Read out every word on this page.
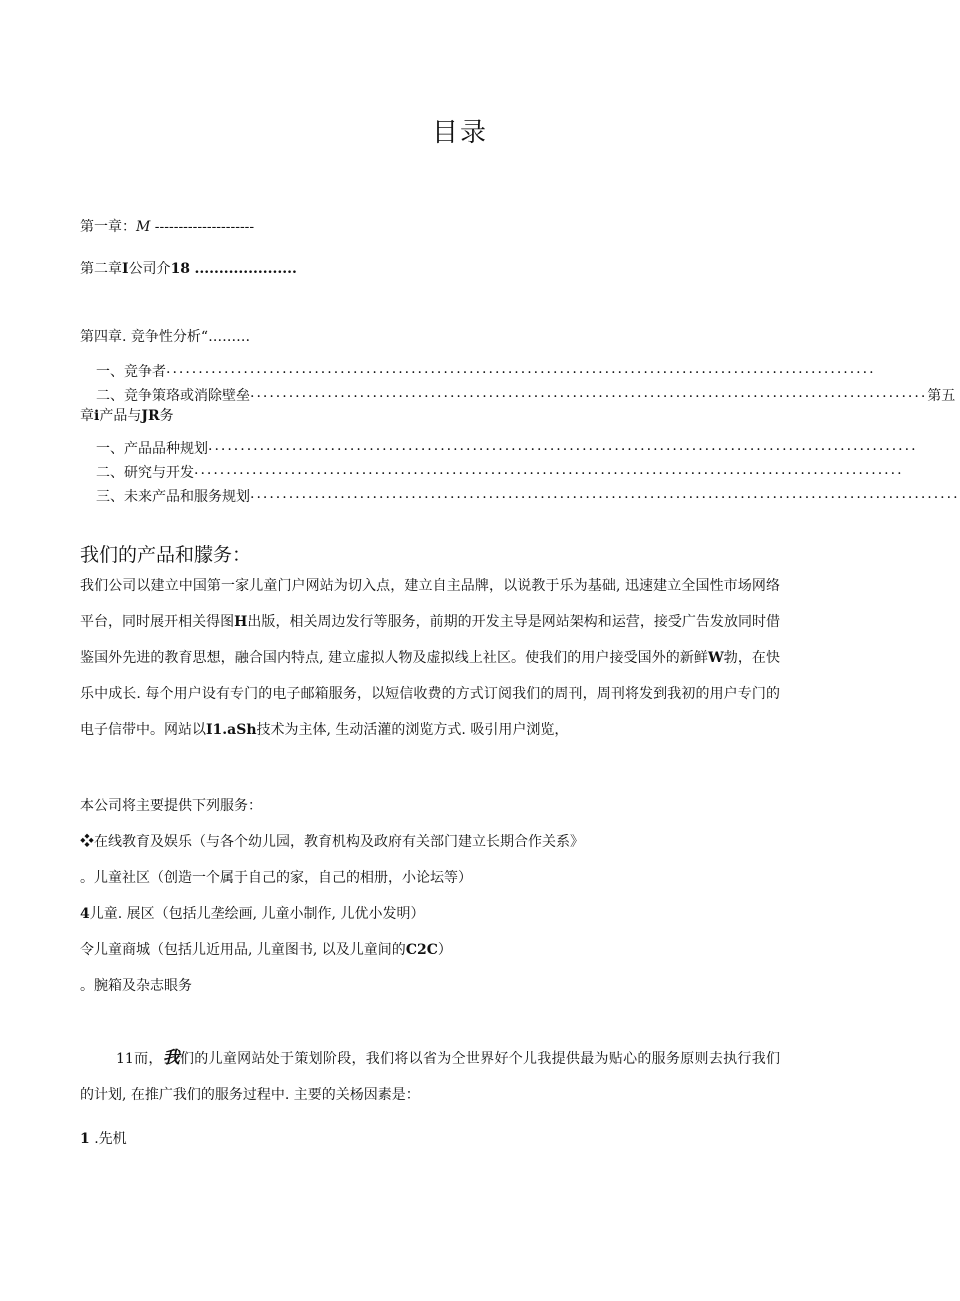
目录
第一章：M ---------------------
第二章I公司介18 .....................
第四章. 竞争性分析“………
一、竞争者 ..............................................................................................................
二、竞争策珞或消除壁垒 ......................................................................................................... 第五
章i产品与JR务
一、产品品种规划 ..............................................................................................................
二、研究与开发 ..............................................................................................................
三、未来产品和服务规划 ..............................................................................................................
我们的产品和朦务：
我们公司以建立中国第一家儿童门户网站为切入点，建立自主品牌，以说教于乐为基础, 迅速建立全国性市场网络平台，同时展开相关得图H出版，相关周边发行等服务，前期的开发主导是网站架构和运营，接受广告发放同时借鉴国外先进的教育思想，融合国内特点, 建立虚拟人物及虚拟线上社区。使我们的用户接受国外的新鲜W勃，在快乐中成长. 每个用户设有专门的电子邮箱服务，以短信收费的方式订阅我们的周刊，周刊将发到我初的用户专门的电子信带中。网站以I1.aSh技术为主体, 生动活灌的浏览方式. 吸引用户浏览，
本公司将主要提供下列服务：
❖在线教育及娱乐（与各个幼儿园，教育机构及政府有关部门建立长期合作关系》
。儿童社区（创造一个属于自己的家，自己的相册，小论坛等）
4儿童. 展区（包括儿垄绘画, 儿童小制作, 儿优小发明）
令儿童商城（包括儿近用品, 儿童图书, 以及儿童间的C2C）
。腕箱及杂志眼务
11而，我们的儿童网站处于策划阶段，我们将以省为仝世界好个儿我提供最为贴心的服务原则去执行我们的计划, 在推广我们的服务过程中. 主要的关杨因素是：
1 .先机
